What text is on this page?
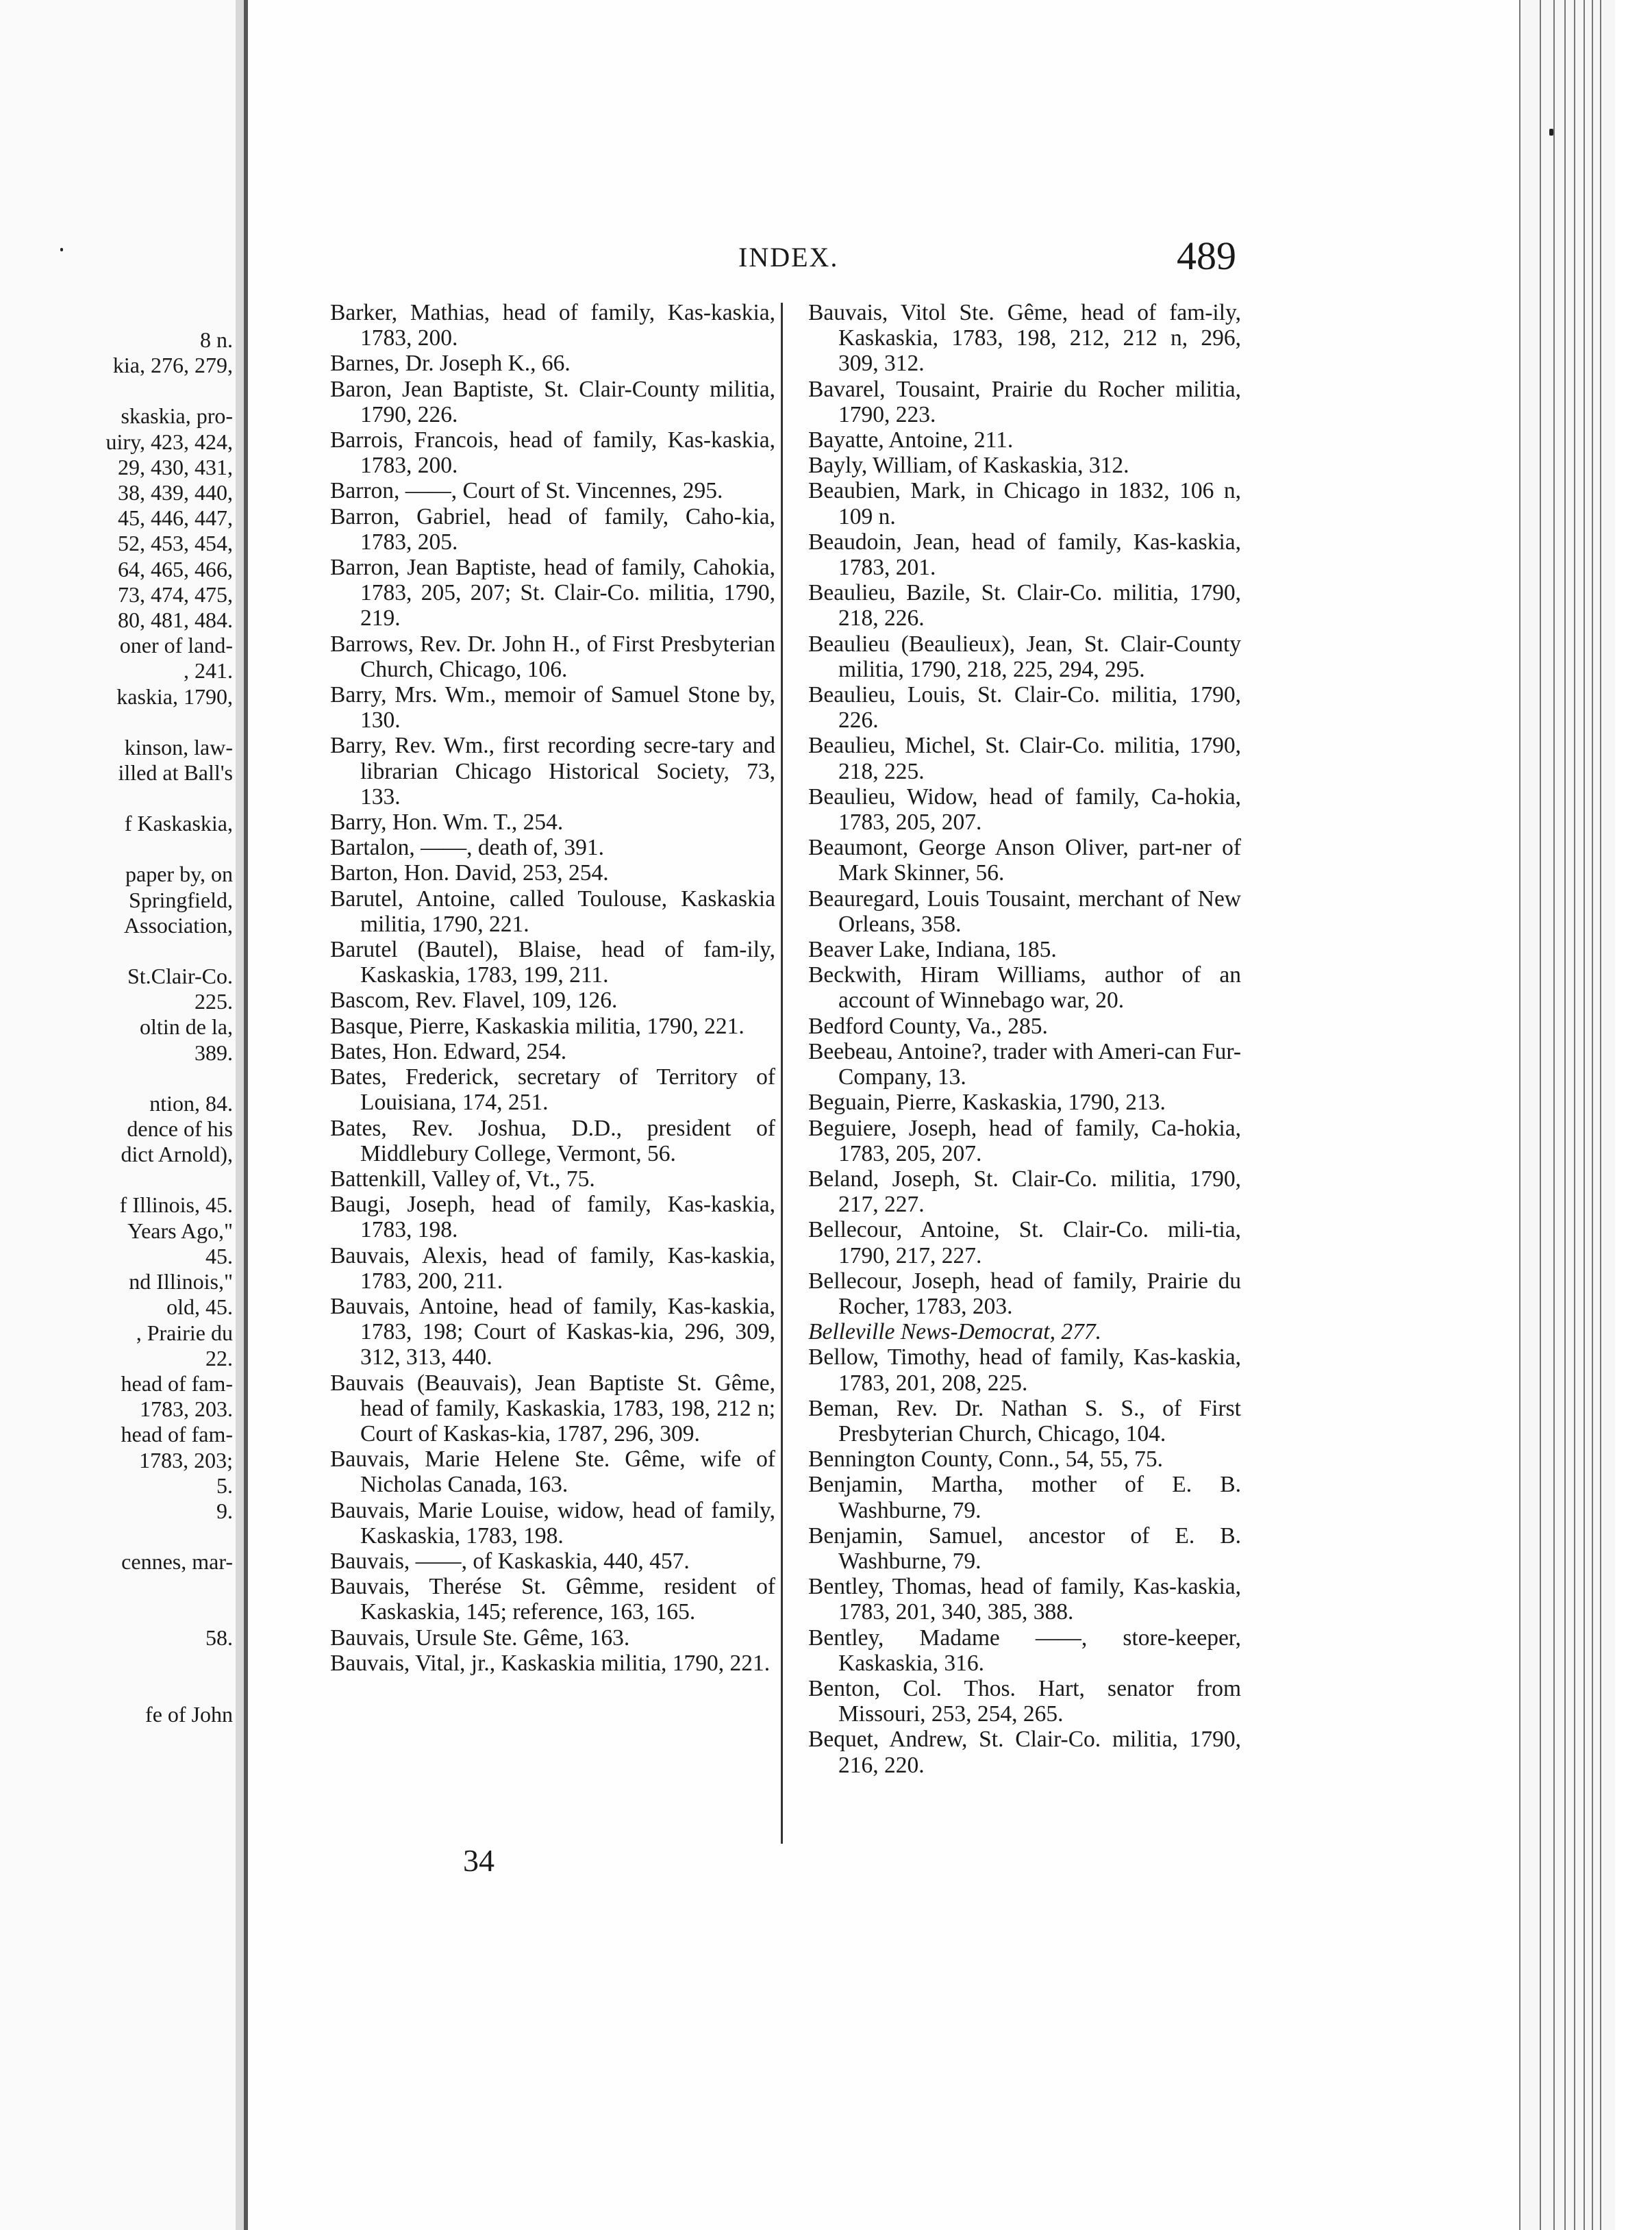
8 n.
kia, 276, 279,
skaskia, pro-
uiry, 423, 424,
29, 430, 431,
38, 439, 440,
45, 446, 447,
52, 453, 454,
64, 465, 466,
73, 474, 475,
80, 481, 484.
oner of land-
, 241.
kaskia, 1790,
kinson, law-
illed at Ball's
f Kaskaskia,
paper by, on
Springfield,
Association,
St.Clair-Co.
225.
oltin de la,
389.
ntion, 84.
dence of his
dict Arnold),
f Illinois, 45.
Years Ago,"
45.
nd Illinois,"
old, 45.
, Prairie du
22.
head of fam-
1783, 203.
head of fam-
1783, 203;
5.
9.
cennes, mar-
58.
fe of John
INDEX.	489

Barker, Mathias, head of family, Kas-kaskia, 1783, 200.

Barnes, Dr. Joseph K., 66.

Baron, Jean Baptiste, St. Clair-County militia, 1790, 226.

Barrois, Francois, head of family, Kas-kaskia, 1783, 200.

Barron, ——, Court of St. Vincennes, 295.

Barron, Gabriel, head of family, Caho-kia, 1783, 205.

Barron, Jean Baptiste, head of family, Cahokia, 1783, 205, 207; St. Clair-Co. militia, 1790, 219.

Barrows, Rev. Dr. John H., of First Presbyterian Church, Chicago, 106.

Barry, Mrs. Wm., memoir of Samuel Stone by, 130.

Barry, Rev. Wm., first recording secre-tary and librarian Chicago Historical Society, 73, 133.

Barry, Hon. Wm. T., 254.

Bartalon, ——, death of, 391.

Barton, Hon. David, 253, 254.

Barutel, Antoine, called Toulouse, Kaskaskia militia, 1790, 221.

Barutel (Bautel), Blaise, head of fam-ily, Kaskaskia, 1783, 199, 211.

Bascom, Rev. Flavel, 109, 126.

Basque, Pierre, Kaskaskia militia, 1790, 221.

Bates, Hon. Edward, 254.

Bates, Frederick, secretary of Territory of Louisiana, 174, 251.

Bates, Rev. Joshua, D.D., president of Middlebury College, Vermont, 56.

Battenkill, Valley of, Vt., 75.

Baugi, Joseph, head of family, Kas-kaskia, 1783, 198.

Bauvais, Alexis, head of family, Kas-kaskia, 1783, 200, 211.

Bauvais, Antoine, head of family, Kas-kaskia, 1783, 198; Court of Kaskas-kia, 296, 309, 312, 313, 440.

Bauvais (Beauvais), Jean Baptiste St. Gême, head of family, Kaskaskia, 1783, 198, 212 n; Court of Kaskas-kia, 1787, 296, 309.

Bauvais, Marie Helene Ste. Gême, wife of Nicholas Canada, 163.

Bauvais, Marie Louise, widow, head of family, Kaskaskia, 1783, 198.

Bauvais, ——, of Kaskaskia, 440, 457.

Bauvais, Therése St. Gêmme, resident of Kaskaskia, 145; reference, 163, 165.

Bauvais, Ursule Ste. Gême, 163.

Bauvais, Vital, jr., Kaskaskia militia, 1790, 221.

Bauvais, Vitol Ste. Gême, head of fam-ily, Kaskaskia, 1783, 198, 212, 212 n, 296, 309, 312.

Bavarel, Tousaint, Prairie du Rocher militia, 1790, 223.

Bayatte, Antoine, 211.

Bayly, William, of Kaskaskia, 312.

Beaubien, Mark, in Chicago in 1832, 106 n, 109 n.

Beaudoin, Jean, head of family, Kas-kaskia, 1783, 201.

Beaulieu, Bazile, St. Clair-Co. militia, 1790, 218, 226.

Beaulieu (Beaulieux), Jean, St. Clair-County militia, 1790, 218, 225, 294, 295.

Beaulieu, Louis, St. Clair-Co. militia, 1790, 226.

Beaulieu, Michel, St. Clair-Co. militia, 1790, 218, 225.

Beaulieu, Widow, head of family, Ca-hokia, 1783, 205, 207.

Beaumont, George Anson Oliver, part-ner of Mark Skinner, 56.

Beauregard, Louis Tousaint, merchant of New Orleans, 358.

Beaver Lake, Indiana, 185.

Beckwith, Hiram Williams, author of an account of Winnebago war, 20.

Bedford County, Va., 285.

Beebeau, Antoine?, trader with Ameri-can Fur-Company, 13.

Beguain, Pierre, Kaskaskia, 1790, 213.

Beguiere, Joseph, head of family, Ca-hokia, 1783, 205, 207.

Beland, Joseph, St. Clair-Co. militia, 1790, 217, 227.

Bellecour, Antoine, St. Clair-Co. mili-tia, 1790, 217, 227.

Bellecour, Joseph, head of family, Prairie du Rocher, 1783, 203.

Belleville News-Democrat, 277.

Bellow, Timothy, head of family, Kas-kaskia, 1783, 201, 208, 225.

Beman, Rev. Dr. Nathan S. S., of First Presbyterian Church, Chicago, 104.

Bennington County, Conn., 54, 55, 75.

Benjamin, Martha, mother of E. B. Washburne, 79.

Benjamin, Samuel, ancestor of E. B. Washburne, 79.

Bentley, Thomas, head of family, Kas-kaskia, 1783, 201, 340, 385, 388.

Bentley, Madame ——, store-keeper, Kaskaskia, 316.

Benton, Col. Thos. Hart, senator from Missouri, 253, 254, 265.

Bequet, Andrew, St. Clair-Co. militia, 1790, 216, 220.

34
